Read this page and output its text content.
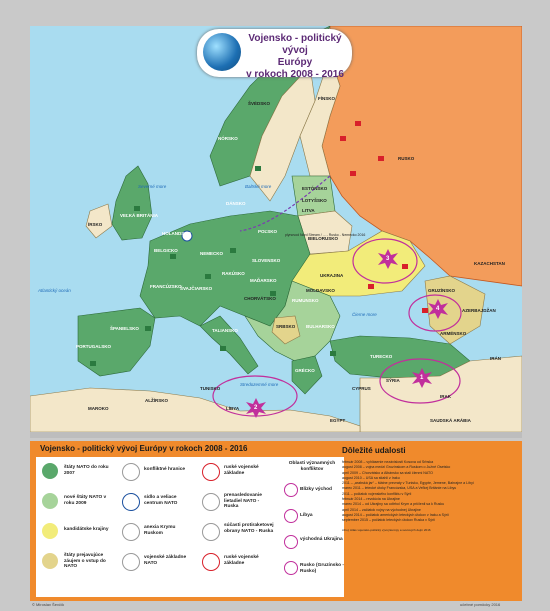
ŠVÉDSKO
FÍNSKO
NÓRSKO
RUSKO
ESTÓNSKO
LOTYŠSKO
LITVA
DÁNSKO
VEĽKÁ BRITÁNIA
ÍRSKO
HOLANDSKO
BELGICKO
NEMECKO
POĽSKO
BIELORUSKO
FRANCÚZSKO
ŠVAJČIARSKO
RAKÚSKO
SLOVENSKO
MAĎARSKO
UKRAJINA
MOLDAVSKO
RUMUNSKO
TALIANSKO
CHORVÁTSKO
SRBSKO BULHARSKO
PORTUGALSKO
ŠPANIELSKO
GRÉCKO
TURECKO
GRUZÍNSKO
ARMÉNSKO
AZERBAJDŽAN
KAZACHSTAN
SÝRIA
IRAK
IRÁN
LÍBYA
EGYPT
ALŽÍRSKO
MAROKO
TUNISKO
SAUDSKÁ ARÁBIA
CYPRUS
Severné more	Baltské more
Atlantický oceán
Čierne more
Stredozemné more
plynovod Nord Stream / ... - Rusko - Nemecko 2016
3
4
1
2
Vojensko - politický vývoj
Európy
v rokoch 2008 - 2016
Vojensko - politický vývoj Európy v rokoch 2008 - 2016
štáty NATO do roku 2007
nové štáty NATO v roku 2009
kandidátske krajiny
štáty prejavujúce záujem o vstup do NATO
konfliktné hranice
sídlo a veliace centrum NATO
anexia Krymu Ruskom
vojenské základne NATO
ruské vojenské základne
prenasledovanie lietadiel NATO - Ruska
súčasti protiraketovej obrany NATO - Ruska
ruské vojenské základne
Oblasti významných konfliktov
Blízky východ
Líbya
východná Ukrajina
Rusko (Gruzínsko - Rusko)
Dôležité udalosti
február 2008 – vyhlásenie nezávislosti Kosova od Srbska
august 2008 – vojna medzi Gruzínskom a Ruskom o Južné Osetsko
apríl 2009 – Chorvátsko a Albánsko sa stali členmi NATO
august 2010 – USA sa stiahli z Iraku
2011 – „arabská jar“ – štátne prevraty v Tunisku, Egypte, Jemene, Bahrajne a Líbyi
marec 2011 – letecké útoky Francúzska, USA a Veľkej Británie na Líbyu
2011 – počiatok vojenského konfliktu v Sýrii
február 2014 – revolúcia na Ukrajine
marec 2014 – od Ukrajiny sa odtrhol Krym a pričlenil sa k Rusku
apríl 2014 – začiatok vojny na východnej Ukrajine
august 2014 – počiatok amerických leteckých útokov v Iraku a Sýrii
september 2015 – počiatok leteckých útokov Ruska v Sýrii
zdroj: Atlas vojensko-politický vývoj Európy a svetových dejín 2016
© Miroslav Ševčík	učebné pomôcky 2016
